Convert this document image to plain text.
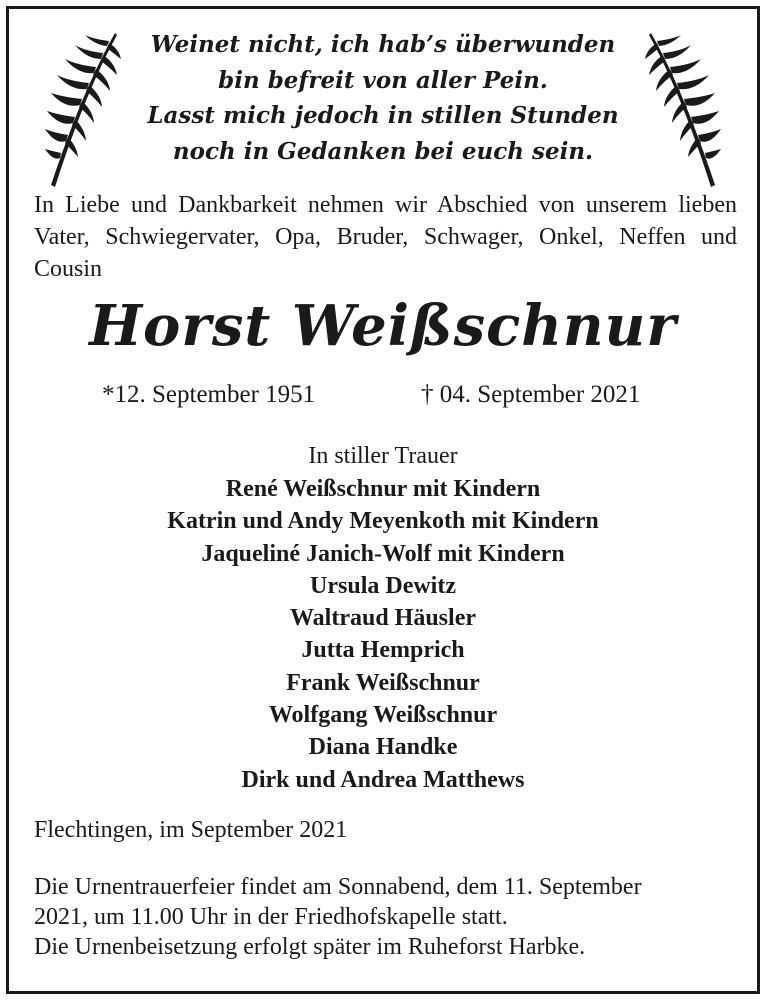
Weinet nicht, ich hab’s überwunden
bin befreit von aller Pein.
Lasst mich jedoch in stillen Stunden
noch in Gedanken bei euch sein.
In Liebe und Dankbarkeit nehmen wir Abschied von unserem lieben Vater, Schwiegervater, Opa, Bruder, Schwager, Onkel, Neffen und Cousin
Horst Weißschnur
*12. September 1951	† 04. September 2021
In stiller Trauer
René Weißschnur mit Kindern
Katrin und Andy Meyenkoth mit Kindern
Jaqueliné Janich-Wolf mit Kindern
Ursula Dewitz
Waltraud Häusler
Jutta Hemprich
Frank Weißschnur
Wolfgang Weißschnur
Diana Handke
Dirk und Andrea Matthews
Flechtingen, im September 2021
Die Urnentrauerfeier findet am Sonnabend, dem 11. September
2021, um 11.00 Uhr in der Friedhofskapelle statt.
Die Urnenbeisetzung erfolgt später im Ruheforst Harbke.
